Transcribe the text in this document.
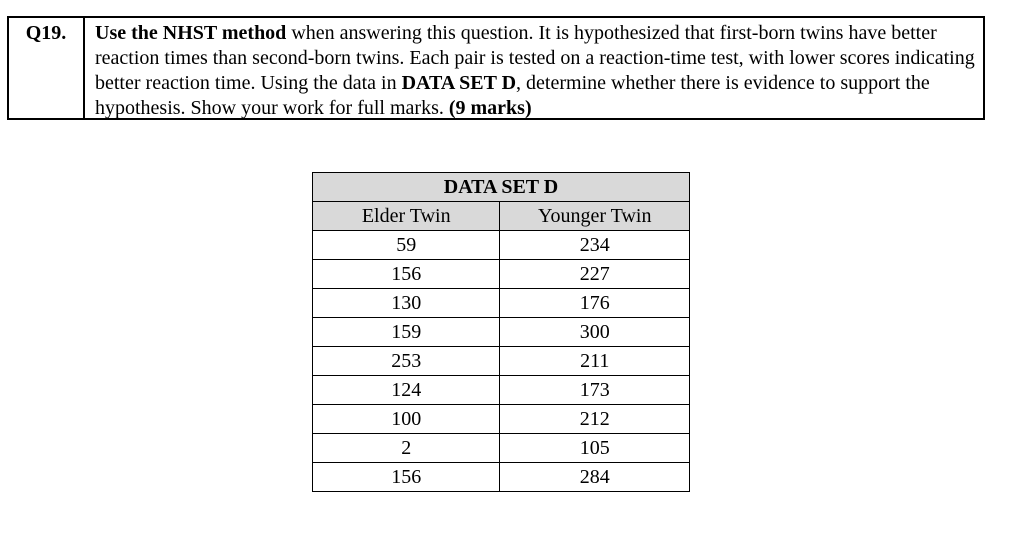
Q19.	Use the NHST method when answering this question. It is hypothesized that first-born twins have better reaction times than second-born twins. Each pair is tested on a reaction-time test, with lower scores indicating better reaction time. Using the data in DATA SET D, determine whether there is evidence to support the hypothesis. Show your work for full marks. (9 marks)
DATA SET D	
Elder Twin	Younger Twin
59	234
156	227
130	176
159	300
253	211
124	173
100	212
2	105
156	284
